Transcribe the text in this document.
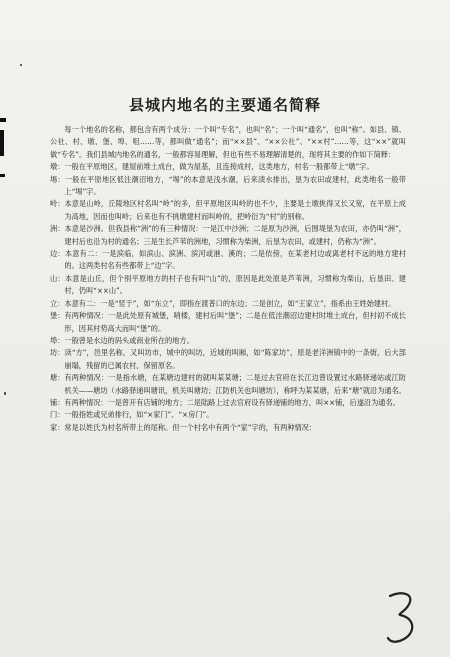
县城内地名的主要通名简释

每一个地名的名称，都包含有两个成分：一个叫“专名”，也叫“名”；一个叫“通名”，也叫“称”。如县、镇、公社、村、墩、堡、埠、咀……等，都叫做“通名”；而“××县”、“××公社”、“××村”……等，这“××”就叫做“专名”。我们县城内地名的通名，一般都容易理解，但也有些不易理解清楚的，现将其主要的作如下简释：

墩：一般在平原地区，建屋前堆土成台，做为屋基，且连接成村，这类地方，村名一般都带上“墩”字。

埸：一般在平原地区低注潮沼地方，“埸”的本意是浅水潮，后来渍水排出，垦为农田或建村，此类地名一般带上“埸”字。

岭：本意是山岭，丘陵地区村名叫“岭”的多，但平原地区叫岭的也不少，主要是土墩挑得又长又宽，在平原上成为高地，因而也叫岭；后来也有不挑墩建村而叫岭的，把岭衍为“村”的别称。

洲：本意是沙洲。但我县称“洲”的有三种情况：一是江中沙洲；二是原为沙洲，后围堤垦为农田，亦仍叫“洲”，建村后也沿为村的通名；三是生长芦苇的洲地，习惯称为柴洲，后垦为农田，或建村，仍称为“洲”。

边：本意有二：一是滨临，如滨山、滨洲、滨河或港、溪的；二是依傍，在某老村边或离老村不远的地方建村的。这两类村名有些都带上“边”字。

山：本意是山丘，但个别平原地方的村子也有叫“山”的，原因是此处原是芦苇洲，习惯称为柴山，后垦田、建村，仍叫“××山”。

立：本意有二：一是“竖于”，如“东立”，即指在渡普口的东边；二是创立，如“王家立”，指系由王姓始建村。

堡：有两种情况：一是此处原有城堡，哨楼，建村后叫“堡”；二是在低洼潮沼边建村时堆土成台，但村初不成长形，因其村势高大而叫“堡”的。

埠：一般曾是水边的码头或商业所在的地方。

坊：读“方”，邑里名称，又叫坊市，城中的叫坊，近城的叫厢，如“陈家坊”，原是老洋洲镇中的一条街，后大部崩塌，残留的已属农村，保留原名。

塘：有两种情况：一是指水塘，在某塘边建村的就叫某某塘；二是过去官府在长江边曾设置过水路驿递站或江防机关——塘坊（水路驿递叫塘讯，机关叫塘坊；江防机关也叫塘坊），称呼为某某塘，后来“塘”就沿为通名。

铺：有两种情况：一是曾开有店铺的地方；二是陆路上过去官府设有驿递铺的地方，叫××铺，后遂沿为通名。

门：一般指姓或兄弟排行，如“×家门”、“×房门”。

家：常是以姓氏为村名所带上的尾称。但一个村名中有两个“家”字的，有两种情况：
